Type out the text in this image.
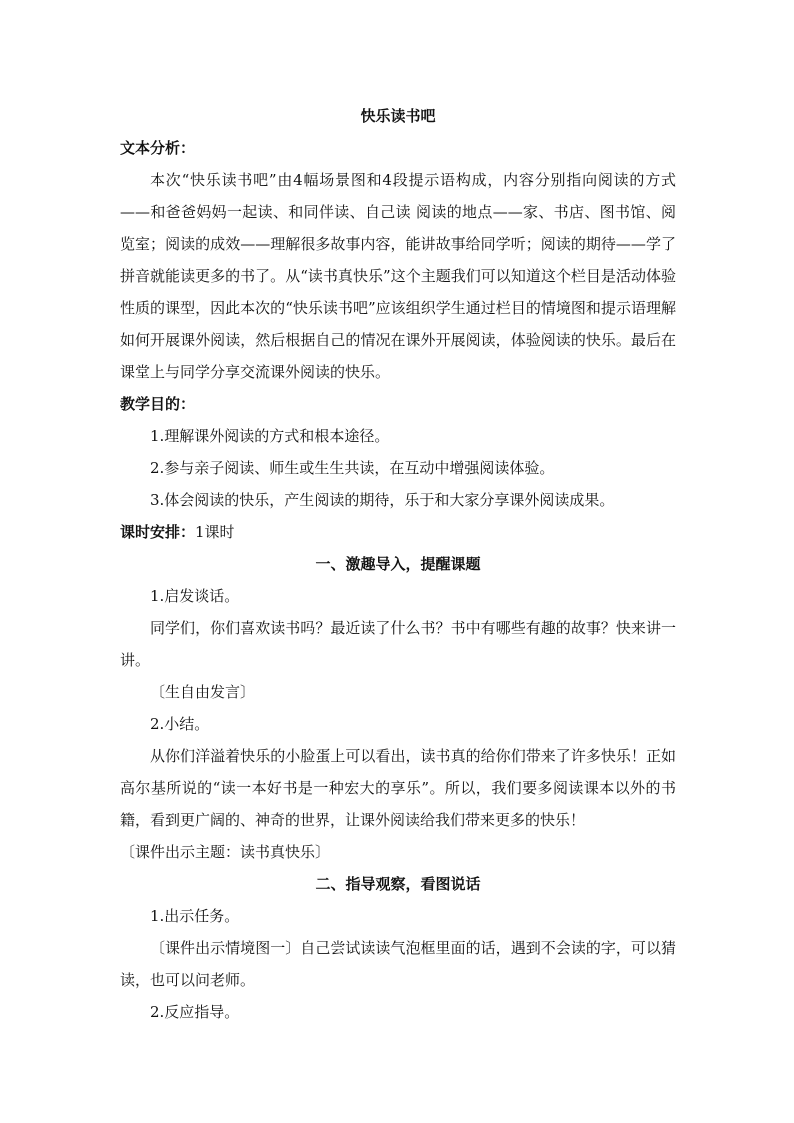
快乐读书吧

文本分析：

本次“快乐读书吧”由4幅场景图和4段提示语构成，内容分别指向阅读的方式——和爸爸妈妈一起读、和同伴读、自己读 阅读的地点——家、书店、图书馆、阅览室；阅读的成效——理解很多故事内容，能讲故事给同学听；阅读的期待——学了拼音就能读更多的书了。从“读书真快乐”这个主题我们可以知道这个栏目是活动体验性质的课型，因此本次的“快乐读书吧”应该组织学生通过栏目的情境图和提示语理解如何开展课外阅读，然后根据自己的情况在课外开展阅读，体验阅读的快乐。最后在课堂上与同学分享交流课外阅读的快乐。

教学目的：

1.理解课外阅读的方式和根本途径。

2.参与亲子阅读、师生或生生共读，在互动中增强阅读体验。

3.体会阅读的快乐，产生阅读的期待，乐于和大家分享课外阅读成果。

课时安排：1课时

一、激趣导入，提醒课题

1.启发谈话。

同学们，你们喜欢读书吗？最近读了什么书？书中有哪些有趣的故事？快来讲一讲。

〔生自由发言〕

2.小结。

从你们洋溢着快乐的小脸蛋上可以看出，读书真的给你们带来了许多快乐！正如高尔基所说的“读一本好书是一种宏大的享乐”。所以，我们要多阅读课本以外的书籍，看到更广阔的、神奇的世界，让课外阅读给我们带来更多的快乐！

〔课件出示主题：读书真快乐〕

二、指导观察，看图说话

1.出示任务。

〔课件出示情境图一〕自己尝试读读气泡框里面的话，遇到不会读的字，可以猜读，也可以问老师。

2.反应指导。
